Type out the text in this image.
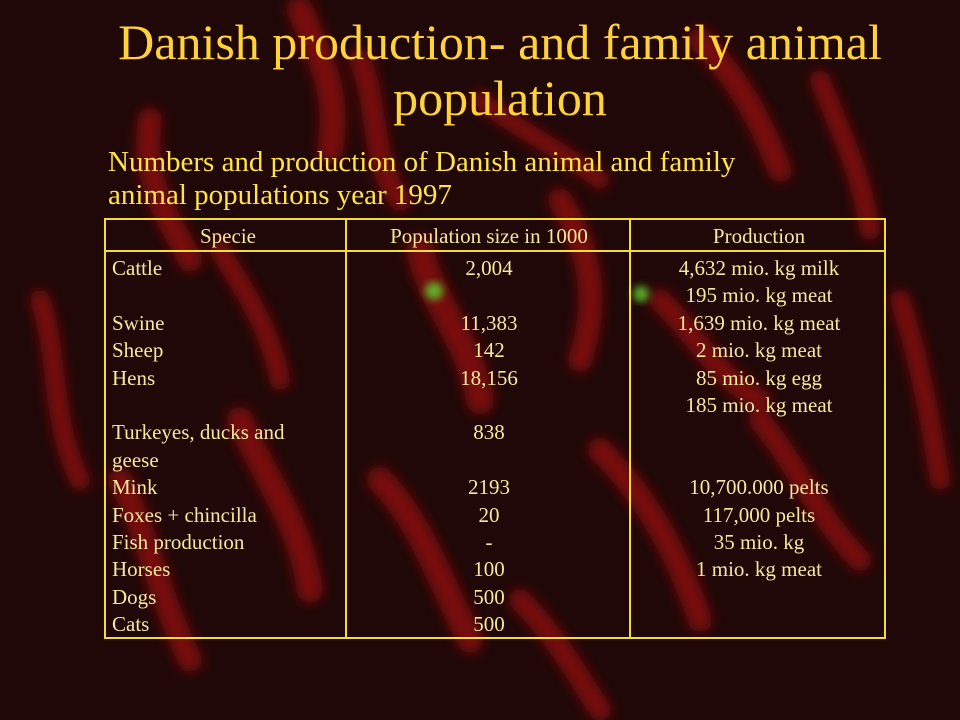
Danish production- and family animal
population
Numbers and production of Danish animal and family
animal populations year 1997
Specie	Population size in 1000	Production
Cattle	2,004	4,632 mio. kg milk
195 mio. kg meat
Swine	11,383	1,639 mio. kg meat
Sheep	142	2 mio. kg meat
Hens	18,156	85 mio. kg egg
185 mio. kg meat
Turkeyes, ducks and	838
geese
Mink	2193	10,700.000 pelts
Foxes + chincilla	20	117,000 pelts
Fish production	-	35 mio. kg
Horses	100	1 mio. kg meat
Dogs	500
Cats	500
